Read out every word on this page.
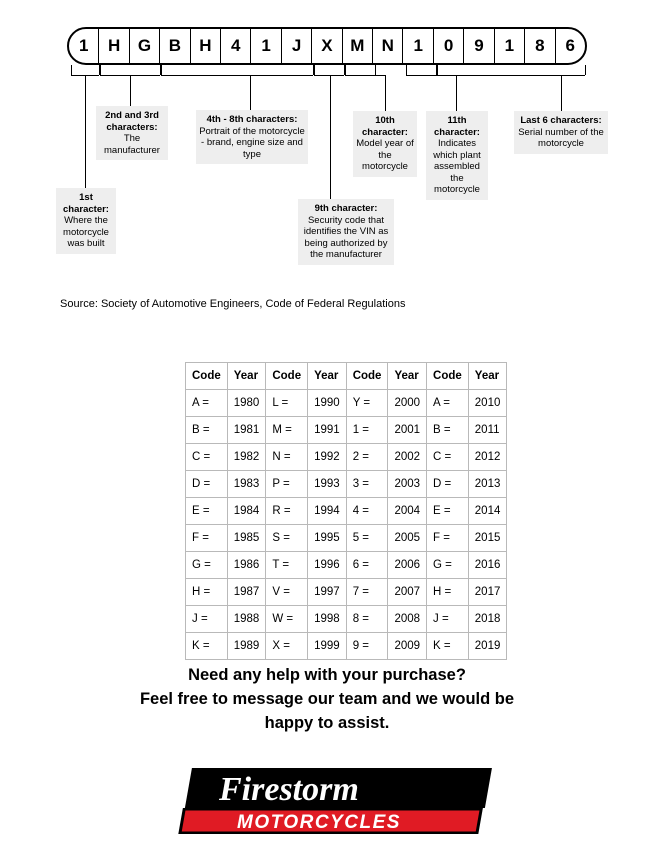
1	H	G	B	H	4	1	J	X	M	N	1	0	9	1	8	6
1st character:
Where the motorcycle was built
2nd and 3rd characters:
The manufacturer
4th - 8th characters:
Portrait of the motorcycle - brand, engine size and type
9th character:
Security code that identifies the VIN as being authorized by the manufacturer
10th character:
Model year of the motorcycle
11th character:
Indicates which plant assembled the motorcycle
Last 6 characters:
Serial number of the motorcycle
Source: Society of Automotive Engineers, Code of Federal Regulations
Code	Year	Code	Year	Code	Year	Code	Year
A =	1980	L =	1990	Y =	2000	A =	2010
B =	1981	M =	1991	1 =	2001	B =	2011
C =	1982	N =	1992	2 =	2002	C =	2012
D =	1983	P =	1993	3 =	2003	D =	2013
E =	1984	R =	1994	4 =	2004	E =	2014
F =	1985	S =	1995	5 =	2005	F =	2015
G =	1986	T =	1996	6 =	2006	G =	2016
H =	1987	V =	1997	7 =	2007	H =	2017
J =	1988	W =	1998	8 =	2008	J =	2018
K =	1989	X =	1999	9 =	2009	K =	2019
Need any help with your purchase?
Feel free to message our team and we would be
happy to assist.
Firestorm
MOTORCYCLES
